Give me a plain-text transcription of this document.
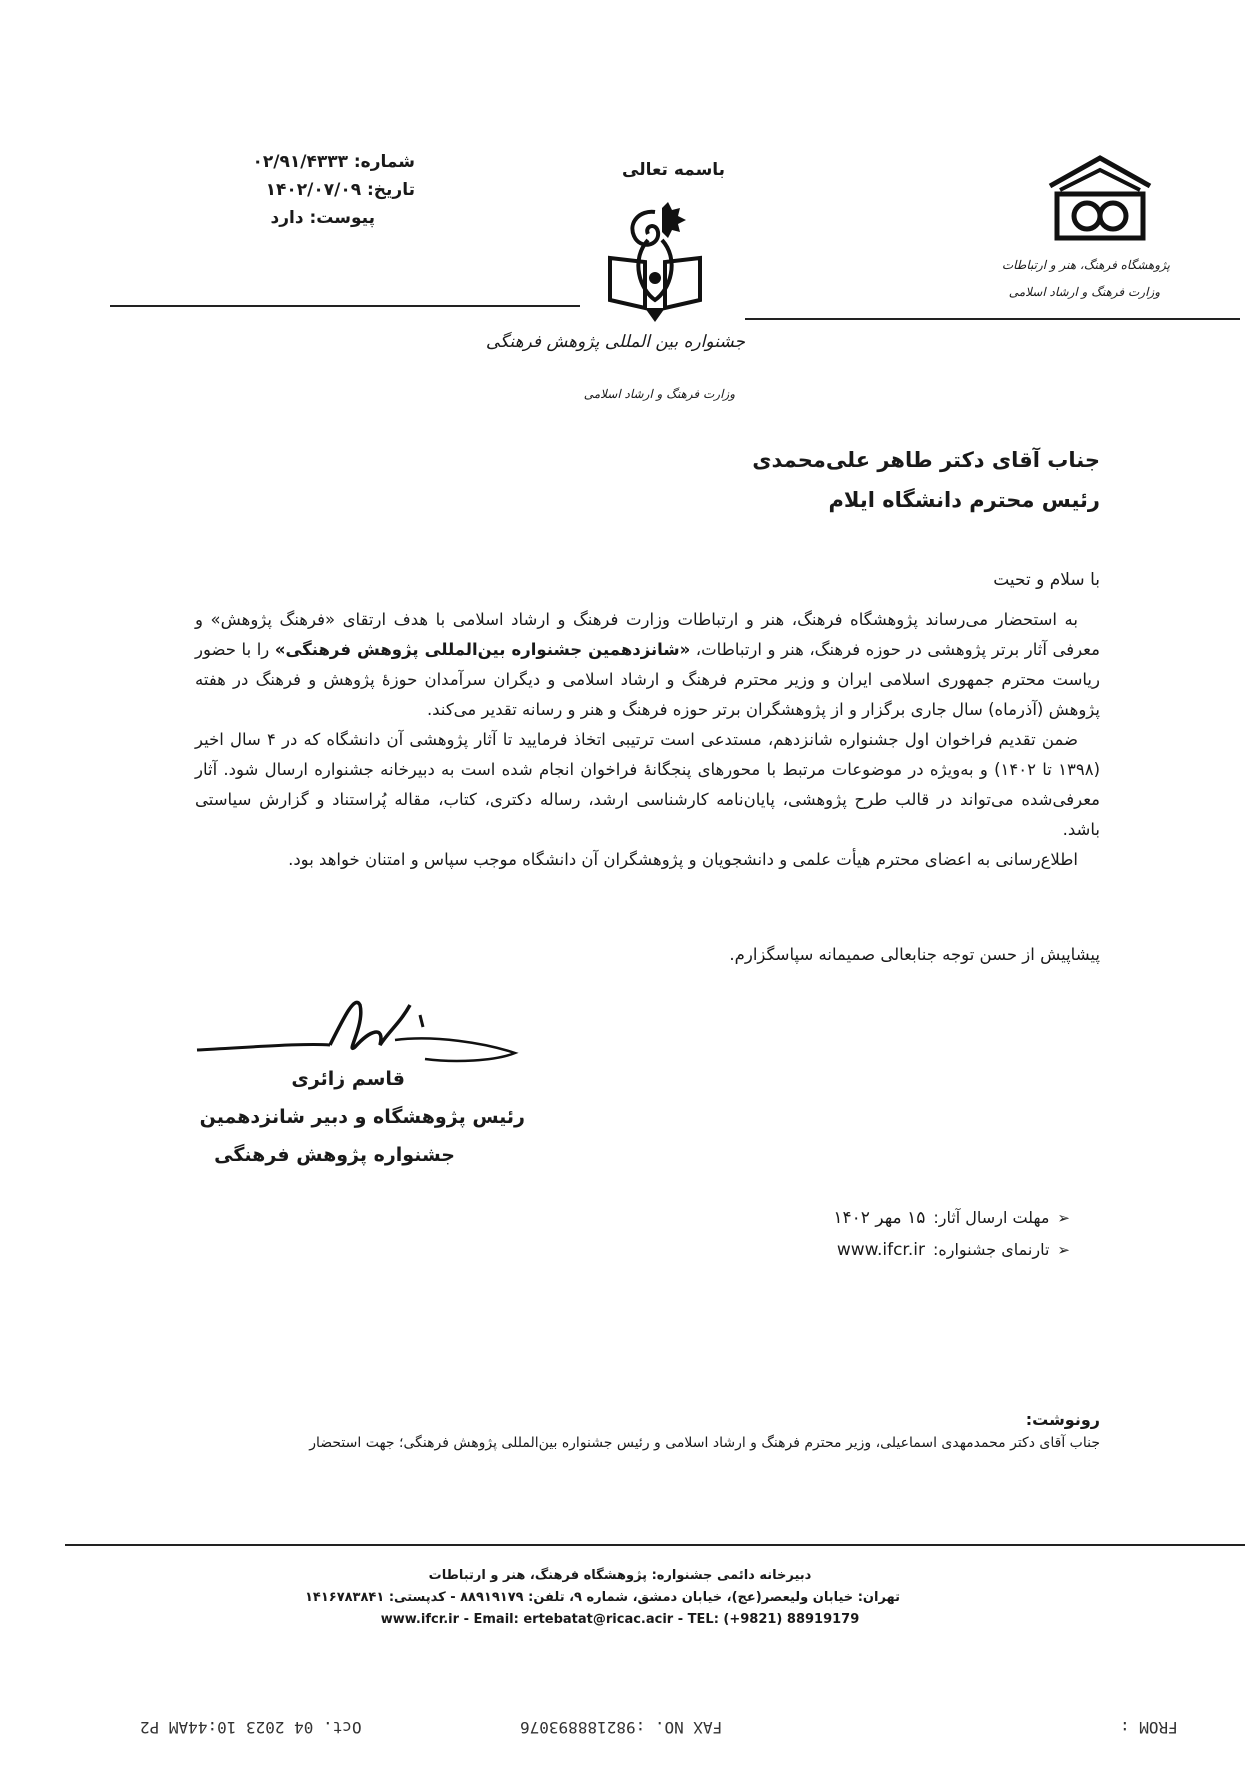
شماره: ۰۲/۹۱/۴۳۳۳
تاریخ: ۱۴۰۲/۰۷/۰۹
پیوست: دارد
باسمه تعالی
جشنواره بین المللی پژوهش فرهنگی
وزارت فرهنگ و ارشاد اسلامی
پژوهشگاه فرهنگ، هنر و ارتباطات
وزارت فرهنگ و ارشاد اسلامی
جناب آقای دکتر طاهر علی‌محمدی
رئیس محترم دانشگاه ایلام
با سلام و تحیت

به استحضار می‌رساند پژوهشگاه فرهنگ، هنر و ارتباطات وزارت فرهنگ و ارشاد اسلامی با هدف ارتقای «فرهنگ پژوهش» و معرفی آثار برتر پژوهشی در حوزه فرهنگ، هنر و ارتباطات، «شانزدهمین جشنواره بین‌المللی پژوهش فرهنگی» را با حضور ریاست محترم جمهوری اسلامی ایران و وزیر محترم فرهنگ و ارشاد اسلامی و دیگران سرآمدان حوزهٔ پژوهش و فرهنگ در هفته پژوهش (آذرماه) سال جاری برگزار و از پژوهشگران برتر حوزه فرهنگ و هنر و رسانه تقدیر می‌کند.

ضمن تقدیم فراخوان اول جشنواره شانزدهم، مستدعی است ترتیبی اتخاذ فرمایید تا آثار پژوهشی آن دانشگاه که در ۴ سال اخیر (۱۳۹۸ تا ۱۴۰۲) و به‌ویژه در موضوعات مرتبط با محورهای پنجگانهٔ فراخوان انجام شده است به دبیرخانه جشنواره ارسال شود. آثار معرفی‌شده می‌تواند در قالب طرح پژوهشی، پایان‌نامه کارشناسی ارشد، رساله دکتری، کتاب، مقاله پُراستناد و گزارش سیاستی باشد.

اطلاع‌رسانی به اعضای محترم هیأت علمی و دانشجویان و پژوهشگران آن دانشگاه موجب سپاس و امتنان خواهد بود.

پیشاپیش از حسن توجه جنابعالی صمیمانه سپاسگزارم.
قاسم زائری
رئیس پژوهشگاه و دبیر شانزدهمین
جشنواره پژوهش فرهنگی
➢
مهلت ارسال آثار:
۱۵ مهر ۱۴۰۲
➢
تارنمای جشنواره:
www.ifcr.ir
رونوشت:
جناب آقای دکتر محمدمهدی اسماعیلی، وزیر محترم فرهنگ و ارشاد اسلامی و رئیس جشنواره بین‌المللی پژوهش فرهنگی؛ جهت استحضار
دبیرخانه دائمی جشنواره: پژوهشگاه فرهنگ، هنر و ارتباطات
تهران: خیابان ولیعصر(عج)، خیابان دمشق، شماره ۹، تلفن: ۸۸۹۱۹۱۷۹ - کدپستی: ۱۴۱۶۷۸۳۸۴۱
www.ifcr.ir - Email: ertebatat@ricac.acir - TEL: (+9821) 88919179
FROM :
FAX NO. :982188893076
Oct. 04 2023 10:44AM P2
